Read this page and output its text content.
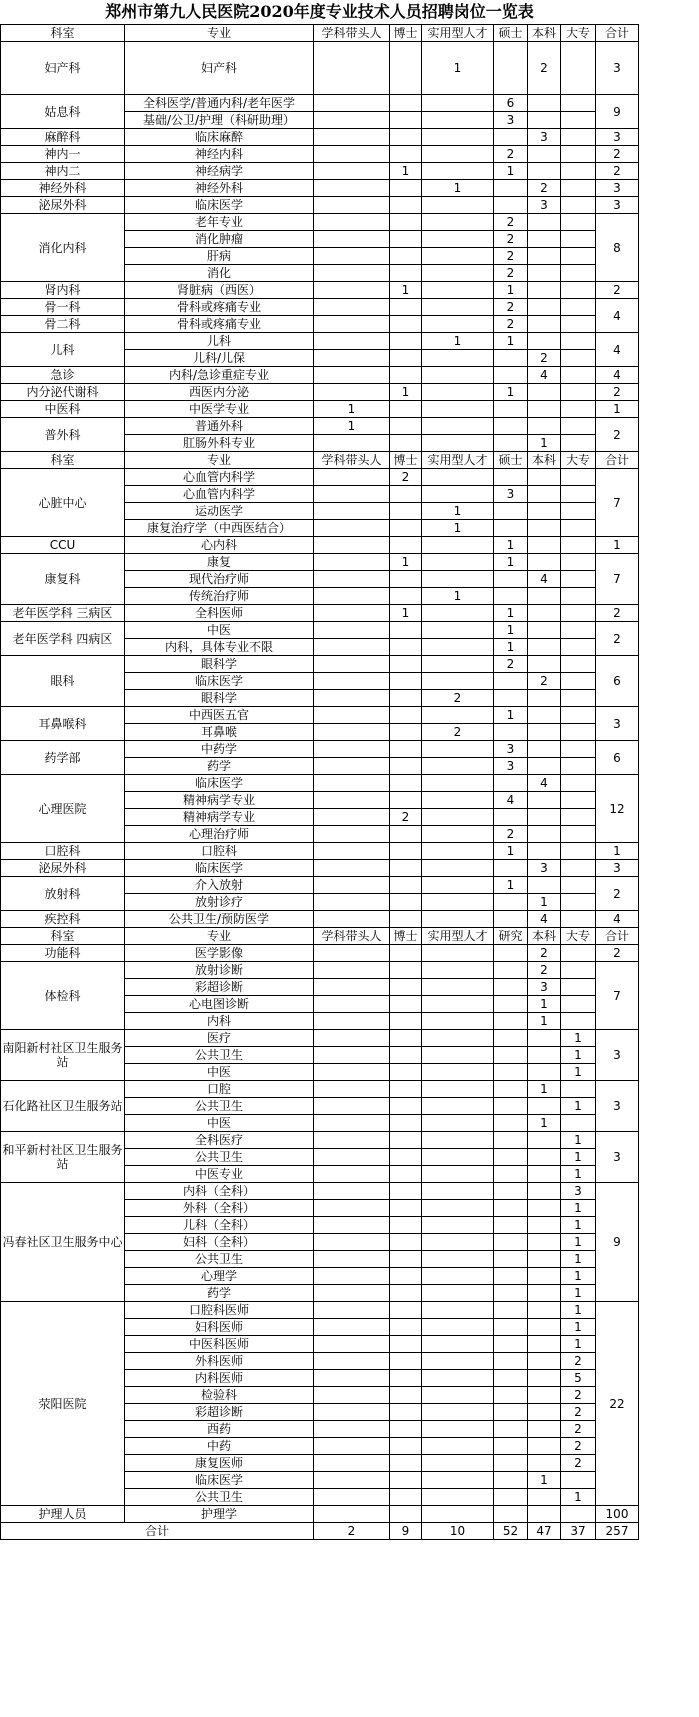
郑州市第九人民医院2020年度专业技术人员招聘岗位一览表
科室	专业	学科带头人	博士	实用型人才	硕士	本科	大专	合计
妇产科	妇产科			1		2		3
姑息科	全科医学/普通内科/老年医学				6			9
	基础/公卫/护理（科研助理）				3			
麻醉科	临床麻醉					3		3
神内一	神经内科				2			2
神内二	神经病学		1		1			2
神经外科	神经外科			1		2		3
泌尿外科	临床医学					3		3
消化内科	老年专业				2			8
	消化肿瘤				2			
	肝病				2			
	消化				2			
肾内科	肾脏病（西医）		1		1			2
骨一科	骨科或疼痛专业				2			4
骨二科	骨科或疼痛专业				2			
儿科	儿科			1	1			4
	儿科/儿保					2		
急诊	内科/急诊重症专业					4		4
内分泌代谢科	西医内分泌		1		1			2
中医科	中医学专业	1						1
普外科	普通外科	1						2
	肛肠外科专业					1		
科室	专业	学科带头人	博士	实用型人才	硕士	本科	大专	合计
心脏中心	心血管内科学		2					7
	心血管内科学				3			
	运动医学			1				
	康复治疗学（中西医结合）			1				
CCU	心内科				1			1
康复科	康复		1		1			7
	现代治疗师					4		
	传统治疗师			1				
老年医学科 三病区	全科医师		1		1			2
老年医学科 四病区	中医				1			2
	内科，具体专业不限				1			
眼科	眼科学				2			6
	临床医学					2		
	眼科学			2				
耳鼻喉科	中西医五官				1			3
	耳鼻喉			2				
药学部	中药学				3			6
	药学				3			
心理医院	临床医学					4		12
	精神病学专业				4			
	精神病学专业		2					
	心理治疗师				2			
口腔科	口腔科				1			1
泌尿外科	临床医学					3		3
放射科	介入放射				1			2
	放射诊疗					1		
疾控科	公共卫生/预防医学					4		4
科室	专业	学科带头人	博士	实用型人才	研究	本科	大专	合计
功能科	医学影像					2		2
体检科	放射诊断					2		7
	彩超诊断					3		
	心电图诊断					1		
	内科					1		
南阳新村社区卫生服务站	医疗						1	3
	公共卫生						1	
	中医						1	
石化路社区卫生服务站	口腔					1		3
	公共卫生						1	
	中医					1		
和平新村社区卫生服务站	全科医疗						1	3
	公共卫生						1	
	中医专业						1	
冯春社区卫生服务中心	内科（全科）						3	9
	外科（全科）						1	
	儿科（全科）						1	
	妇科（全科）						1	
	公共卫生						1	
	心理学						1	
	药学						1	
荥阳医院	口腔科医师						1	22
	妇科医师						1	
	中医科医师						1	
	外科医师						2	
	内科医师						5	
	检验科						2	
	彩超诊断						2	
	西药						2	
	中药						2	
	康复医师						2	
	临床医学					1		
	公共卫生						1	
护理人员	护理学							100
合计		2	9	10	52	47	37	257
